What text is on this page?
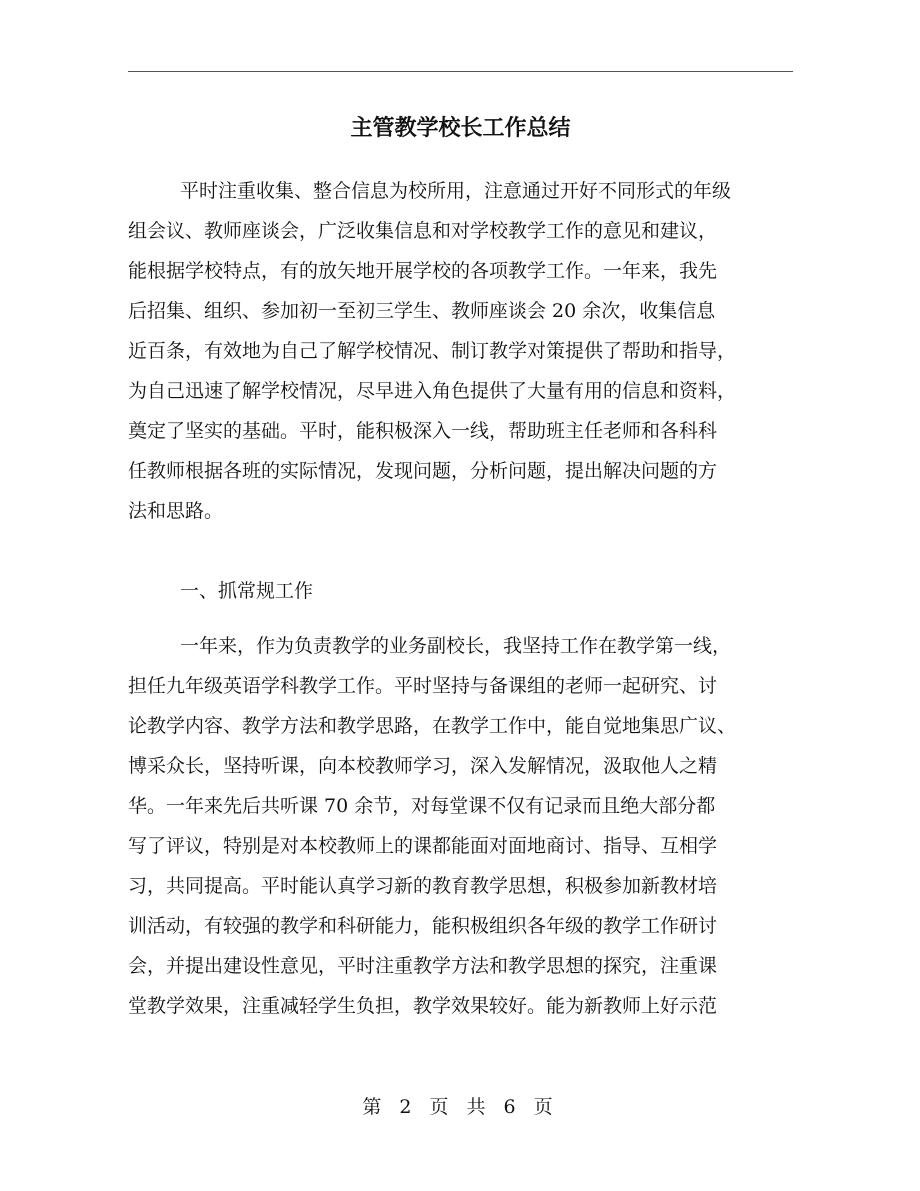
主管教学校长工作总结

平时注重收集、整合信息为校所用，注意通过开好不同形式的年级

组会议、教师座谈会，广泛收集信息和对学校教学工作的意见和建议，

能根据学校特点，有的放矢地开展学校的各项教学工作。一年来，我先

后招集、组织、参加初一至初三学生、教师座谈会 20 余次，收集信息

近百条，有效地为自己了解学校情况、制订教学对策提供了帮助和指导，

为自己迅速了解学校情况，尽早进入角色提供了大量有用的信息和资料，

奠定了坚实的基础。平时，能积极深入一线，帮助班主任老师和各科科

任教师根据各班的实际情况，发现问题，分析问题，提出解决问题的方

法和思路。

一、抓常规工作

一年来，作为负责教学的业务副校长，我坚持工作在教学第一线，

担任九年级英语学科教学工作。平时坚持与备课组的老师一起研究、讨

论教学内容、教学方法和教学思路，在教学工作中，能自觉地集思广议、

博采众长，坚持听课，向本校教师学习，深入发解情况，汲取他人之精

华。一年来先后共听课 70 余节，对每堂课不仅有记录而且绝大部分都

写了评议，特别是对本校教师上的课都能面对面地商讨、指导、互相学

习，共同提高。平时能认真学习新的教育教学思想，积极参加新教材培

训活动，有较强的教学和科研能力，能积极组织各年级的教学工作研讨

会，并提出建设性意见，平时注重教学方法和教学思想的探究，注重课

堂教学效果，注重减轻学生负担，教学效果较好。能为新教师上好示范

第 2 页 共 6 页
